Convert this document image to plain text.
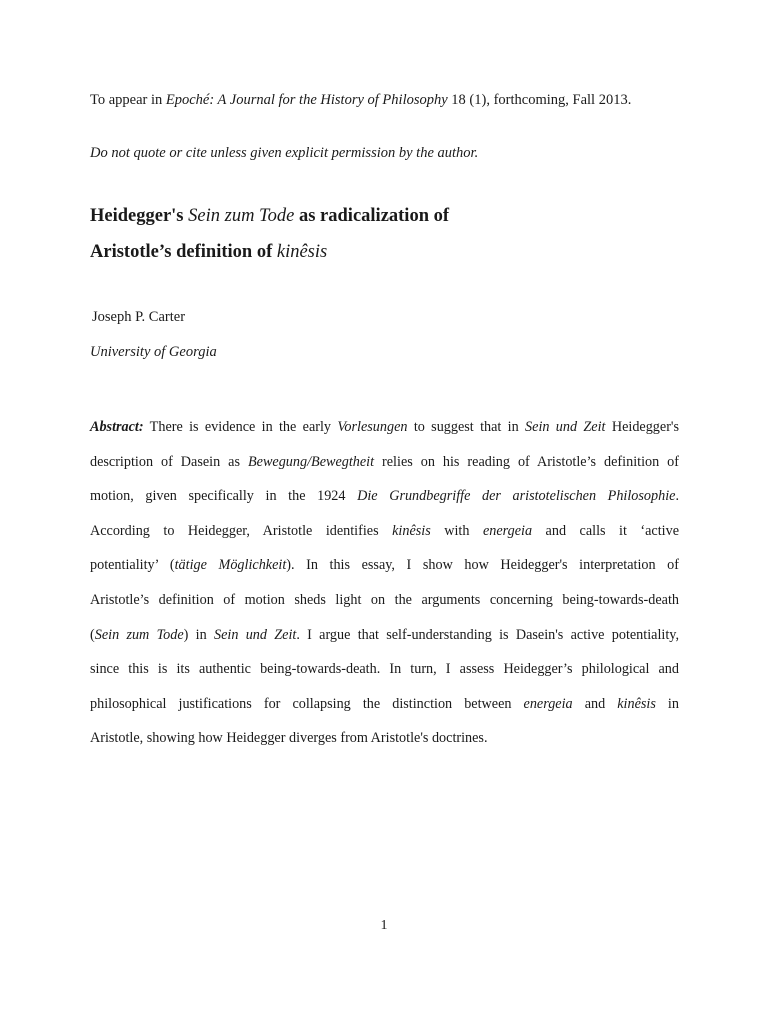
To appear in Epoché: A Journal for the History of Philosophy 18 (1), forthcoming, Fall 2013.
Do not quote or cite unless given explicit permission by the author.
Heidegger's Sein zum Tode as radicalization of
Aristotle’s definition of kinêsis
Joseph P. Carter
University of Georgia
Abstract: There is evidence in the early Vorlesungen to suggest that in Sein und Zeit Heidegger's
description of Dasein as Bewegung/Bewegtheit relies on his reading of Aristotle’s definition of
motion, given specifically in the 1924 Die Grundbegriffe der aristotelischen Philosophie.
According to Heidegger, Aristotle identifies kinêsis with energeia and calls it ‘active
potentiality’ (tätige Möglichkeit). In this essay, I show how Heidegger's interpretation of
Aristotle’s definition of motion sheds light on the arguments concerning being-towards-death
(Sein zum Tode) in Sein und Zeit. I argue that self-understanding is Dasein's active potentiality,
since this is its authentic being-towards-death. In turn, I assess Heidegger’s philological and
philosophical justifications for collapsing the distinction between energeia and kinêsis in
Aristotle, showing how Heidegger diverges from Aristotle's doctrines.
1
